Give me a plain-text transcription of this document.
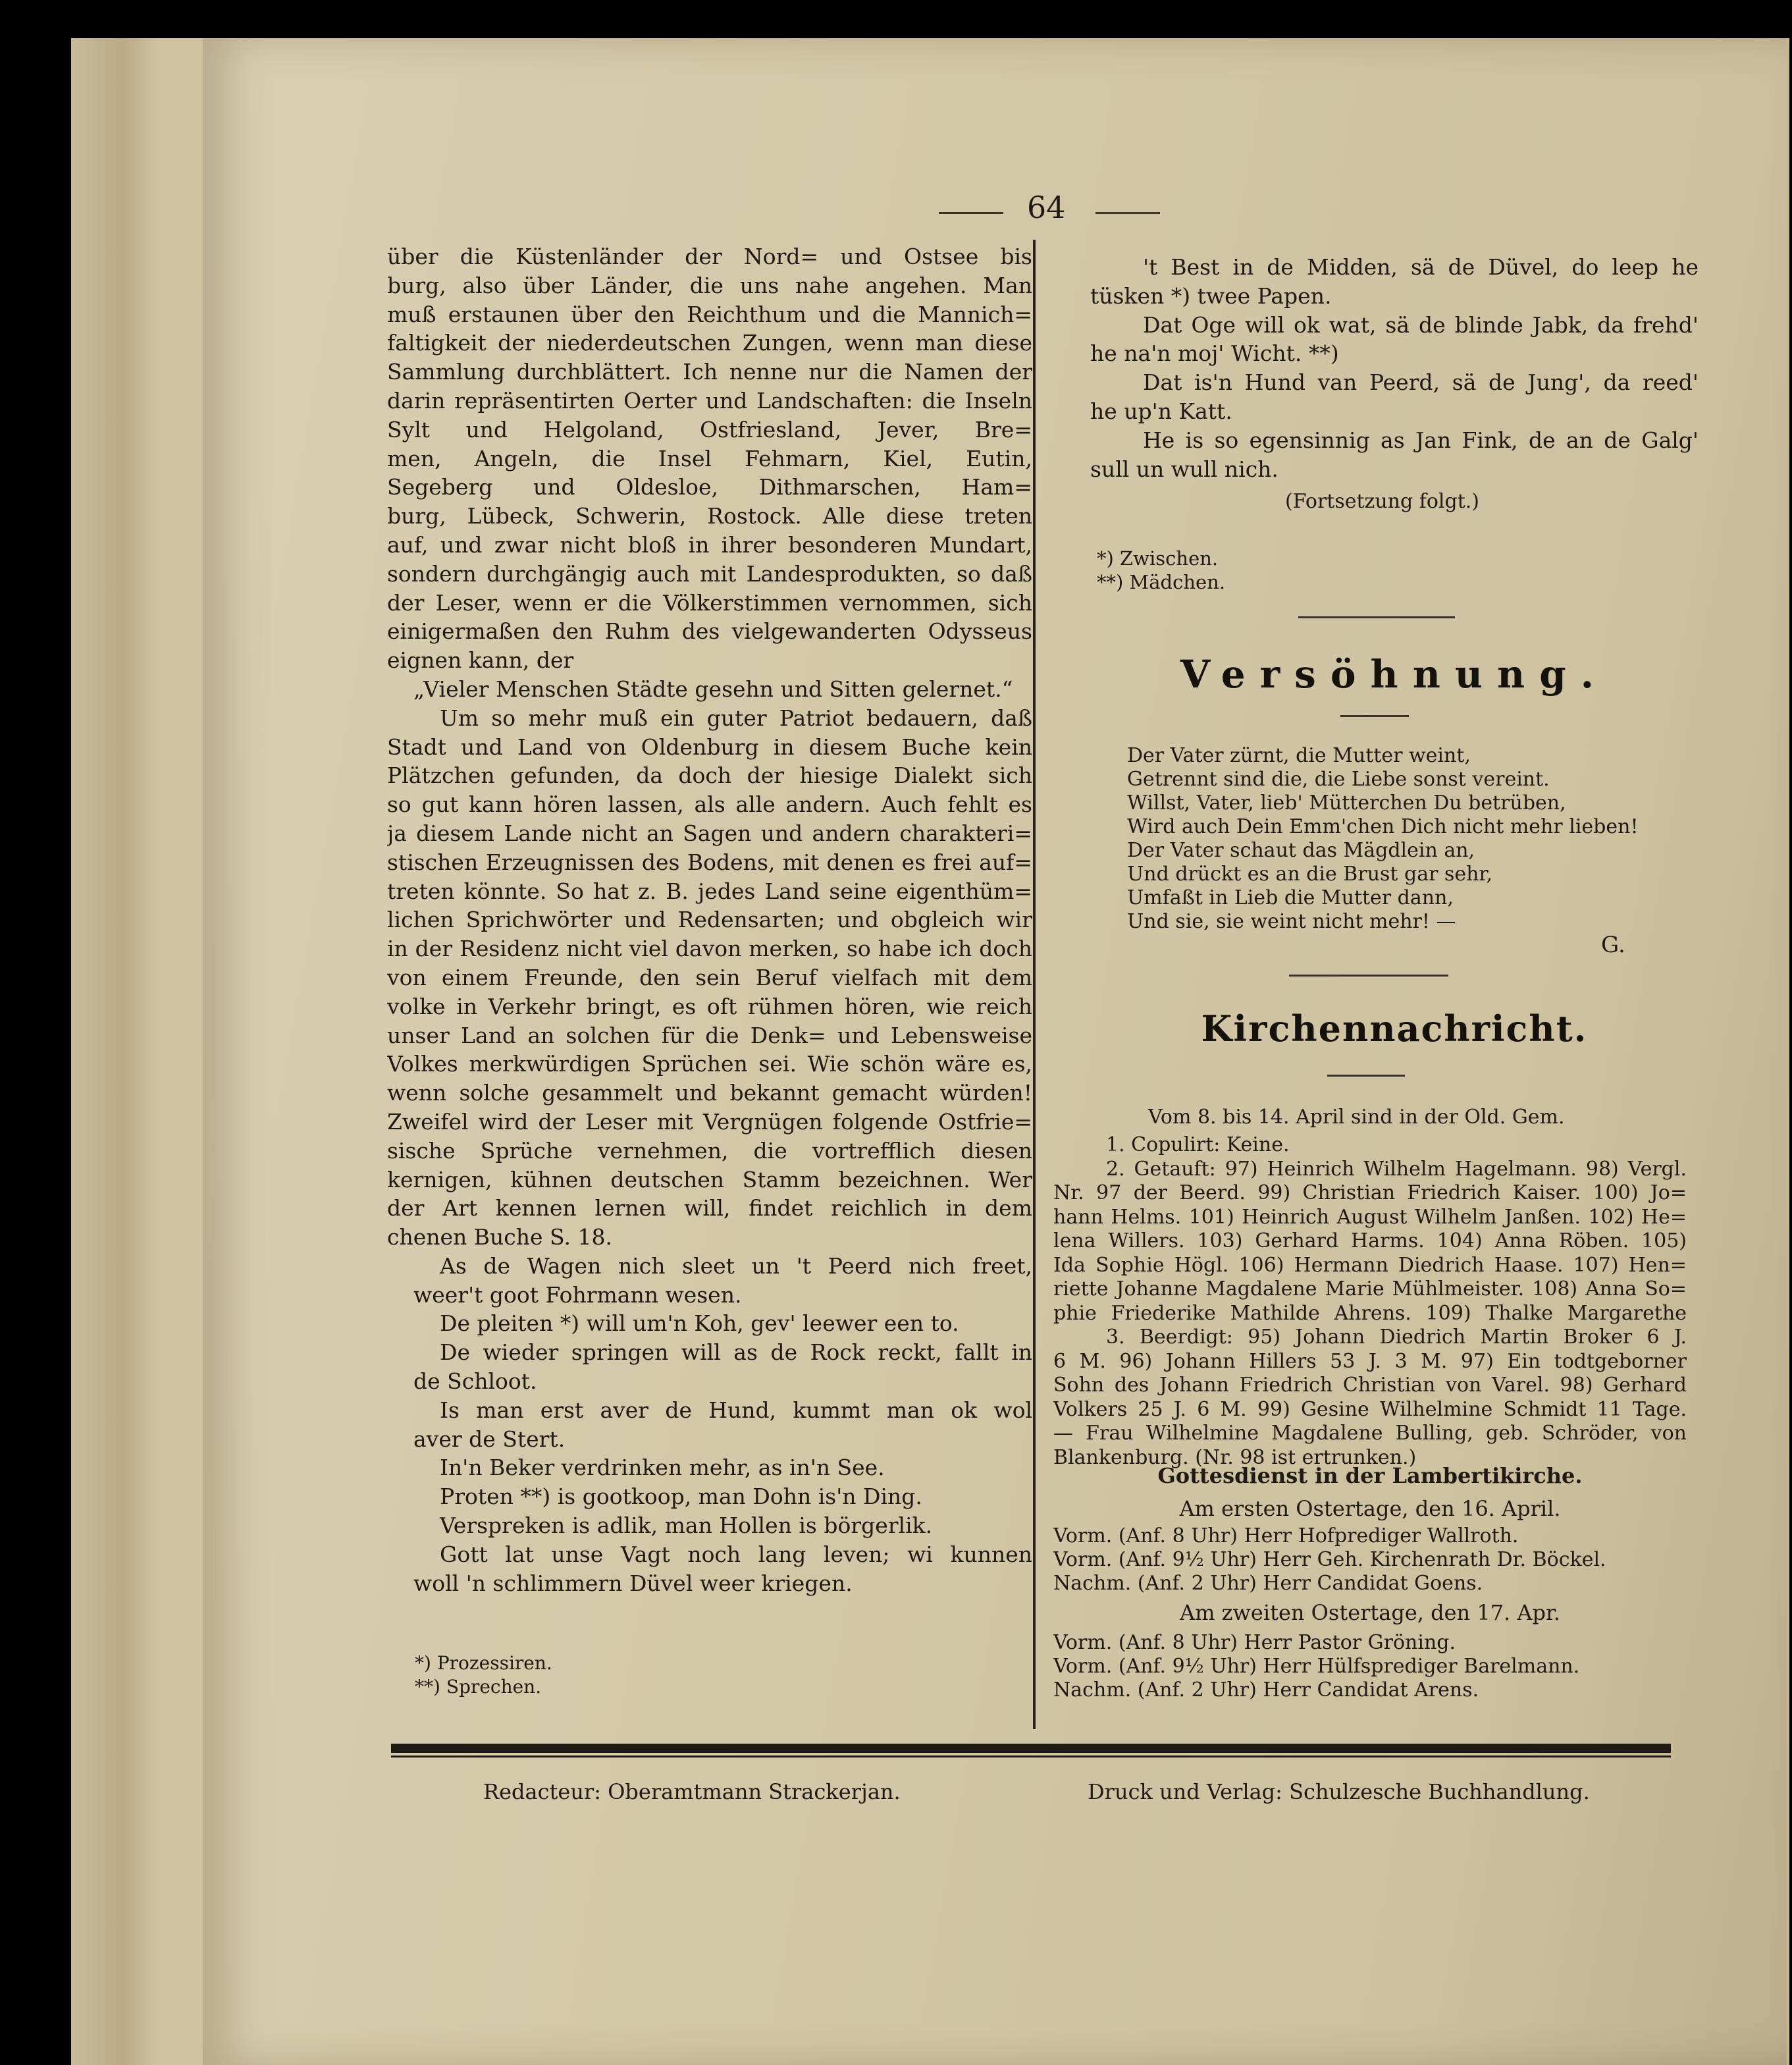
64
über die Küstenländer der Nord= und Ostsee bis
burg, also über Länder, die uns nahe angehen. Man
muß erstaunen über den Reichthum und die Mannich=
faltigkeit der niederdeutschen Zungen, wenn man diese
Sammlung durchblättert. Ich nenne nur die Namen der
darin repräsentirten Oerter und Landschaften: die Inseln
Sylt und Helgoland, Ostfriesland, Jever, Bre=
men, Angeln, die Insel Fehmarn, Kiel, Eutin,
Segeberg und Oldesloe, Dithmarschen, Ham=
burg, Lübeck, Schwerin, Rostock. Alle diese treten
auf, und zwar nicht bloß in ihrer besonderen Mundart,
sondern durchgängig auch mit Landesprodukten, so daß
der Leser, wenn er die Völkerstimmen vernommen, sich
einigermaßen den Ruhm des vielgewanderten Odysseus
eignen kann, der
„Vieler Menschen Städte gesehn und Sitten gelernet.“
Um so mehr muß ein guter Patriot bedauern, daß
Stadt und Land von Oldenburg in diesem Buche kein
Plätzchen gefunden, da doch der hiesige Dialekt sich
so gut kann hören lassen, als alle andern. Auch fehlt es
ja diesem Lande nicht an Sagen und andern charakteri=
stischen Erzeugnissen des Bodens, mit denen es frei auf=
treten könnte. So hat z. B. jedes Land seine eigenthüm=
lichen Sprichwörter und Redensarten; und obgleich wir
in der Residenz nicht viel davon merken, so habe ich doch
von einem Freunde, den sein Beruf vielfach mit dem
volke in Verkehr bringt, es oft rühmen hören, wie reich
unser Land an solchen für die Denk= und Lebensweise
Volkes merkwürdigen Sprüchen sei. Wie schön wäre es,
wenn solche gesammelt und bekannt gemacht würden!
Zweifel wird der Leser mit Vergnügen folgende Ostfrie=
sische Sprüche vernehmen, die vortrefflich diesen
kernigen, kühnen deutschen Stamm bezeichnen. Wer
der Art kennen lernen will, findet reichlich in dem
chenen Buche S. 18.
As de Wagen nich sleet un 't Peerd nich freet,
weer't goot Fohrmann wesen.
De pleiten *) will um'n Koh, gev' leewer een to.
De wieder springen will as de Rock reckt, fallt in
de Schloot.
Is man erst aver de Hund, kummt man ok wol
aver de Stert.
In'n Beker verdrinken mehr, as in'n See.
Proten **) is gootkoop, man Dohn is'n Ding.
Verspreken is adlik, man Hollen is börgerlik.
Gott lat unse Vagt noch lang leven; wi kunnen
woll 'n schlimmern Düvel weer kriegen.
*) Prozessiren.
**) Sprechen.
't Best in de Midden, sä de Düvel, do leep he
tüsken *) twee Papen.
Dat Oge will ok wat, sä de blinde Jabk, da frehd'
he na'n moj' Wicht. **)
Dat is'n Hund van Peerd, sä de Jung', da reed'
he up'n Katt.
He is so egensinnig as Jan Fink, de an de Galg'
sull un wull nich.
(Fortsetzung folgt.)
*) Zwischen.
**) Mädchen.
Versöhnung.
Der Vater zürnt, die Mutter weint,
Getrennt sind die, die Liebe sonst vereint.
Willst, Vater, lieb' Mütterchen Du betrüben,
Wird auch Dein Emm'chen Dich nicht mehr lieben!
Der Vater schaut das Mägdlein an,
Und drückt es an die Brust gar sehr,
Umfaßt in Lieb die Mutter dann,
Und sie, sie weint nicht mehr! —
G.
Kirchennachricht.
Vom 8. bis 14. April sind in der Old. Gem.
1. Copulirt: Keine.
2. Getauft: 97) Heinrich Wilhelm Hagelmann. 98) Vergl.
Nr. 97 der Beerd. 99) Christian Friedrich Kaiser. 100) Jo=
hann Helms. 101) Heinrich August Wilhelm Janßen. 102) He=
lena Willers. 103) Gerhard Harms. 104) Anna Röben. 105)
Ida Sophie Högl. 106) Hermann Diedrich Haase. 107) Hen=
riette Johanne Magdalene Marie Mühlmeister. 108) Anna So=
phie Friederike Mathilde Ahrens. 109) Thalke Margarethe
3. Beerdigt: 95) Johann Diedrich Martin Broker 6 J.
6 M. 96) Johann Hillers 53 J. 3 M. 97) Ein todtgeborner
Sohn des Johann Friedrich Christian von Varel. 98) Gerhard
Volkers 25 J. 6 M. 99) Gesine Wilhelmine Schmidt 11 Tage.
— Frau Wilhelmine Magdalene Bulling, geb. Schröder, von
Blankenburg. (Nr. 98 ist ertrunken.)
Gottesdienst in der Lambertikirche.
Am ersten Ostertage, den 16. April.
Vorm. (Anf. 8 Uhr) Herr Hofprediger Wallroth.
Vorm. (Anf. 9½ Uhr) Herr Geh. Kirchenrath Dr. Böckel.
Nachm. (Anf. 2 Uhr) Herr Candidat Goens.
Am zweiten Ostertage, den 17. Apr.
Vorm. (Anf. 8 Uhr) Herr Pastor Gröning.
Vorm. (Anf. 9½ Uhr) Herr Hülfsprediger Barelmann.
Nachm. (Anf. 2 Uhr) Herr Candidat Arens.
Redacteur: Oberamtmann Strackerjan.	Druck und Verlag: Schulzesche Buchhandlung.
